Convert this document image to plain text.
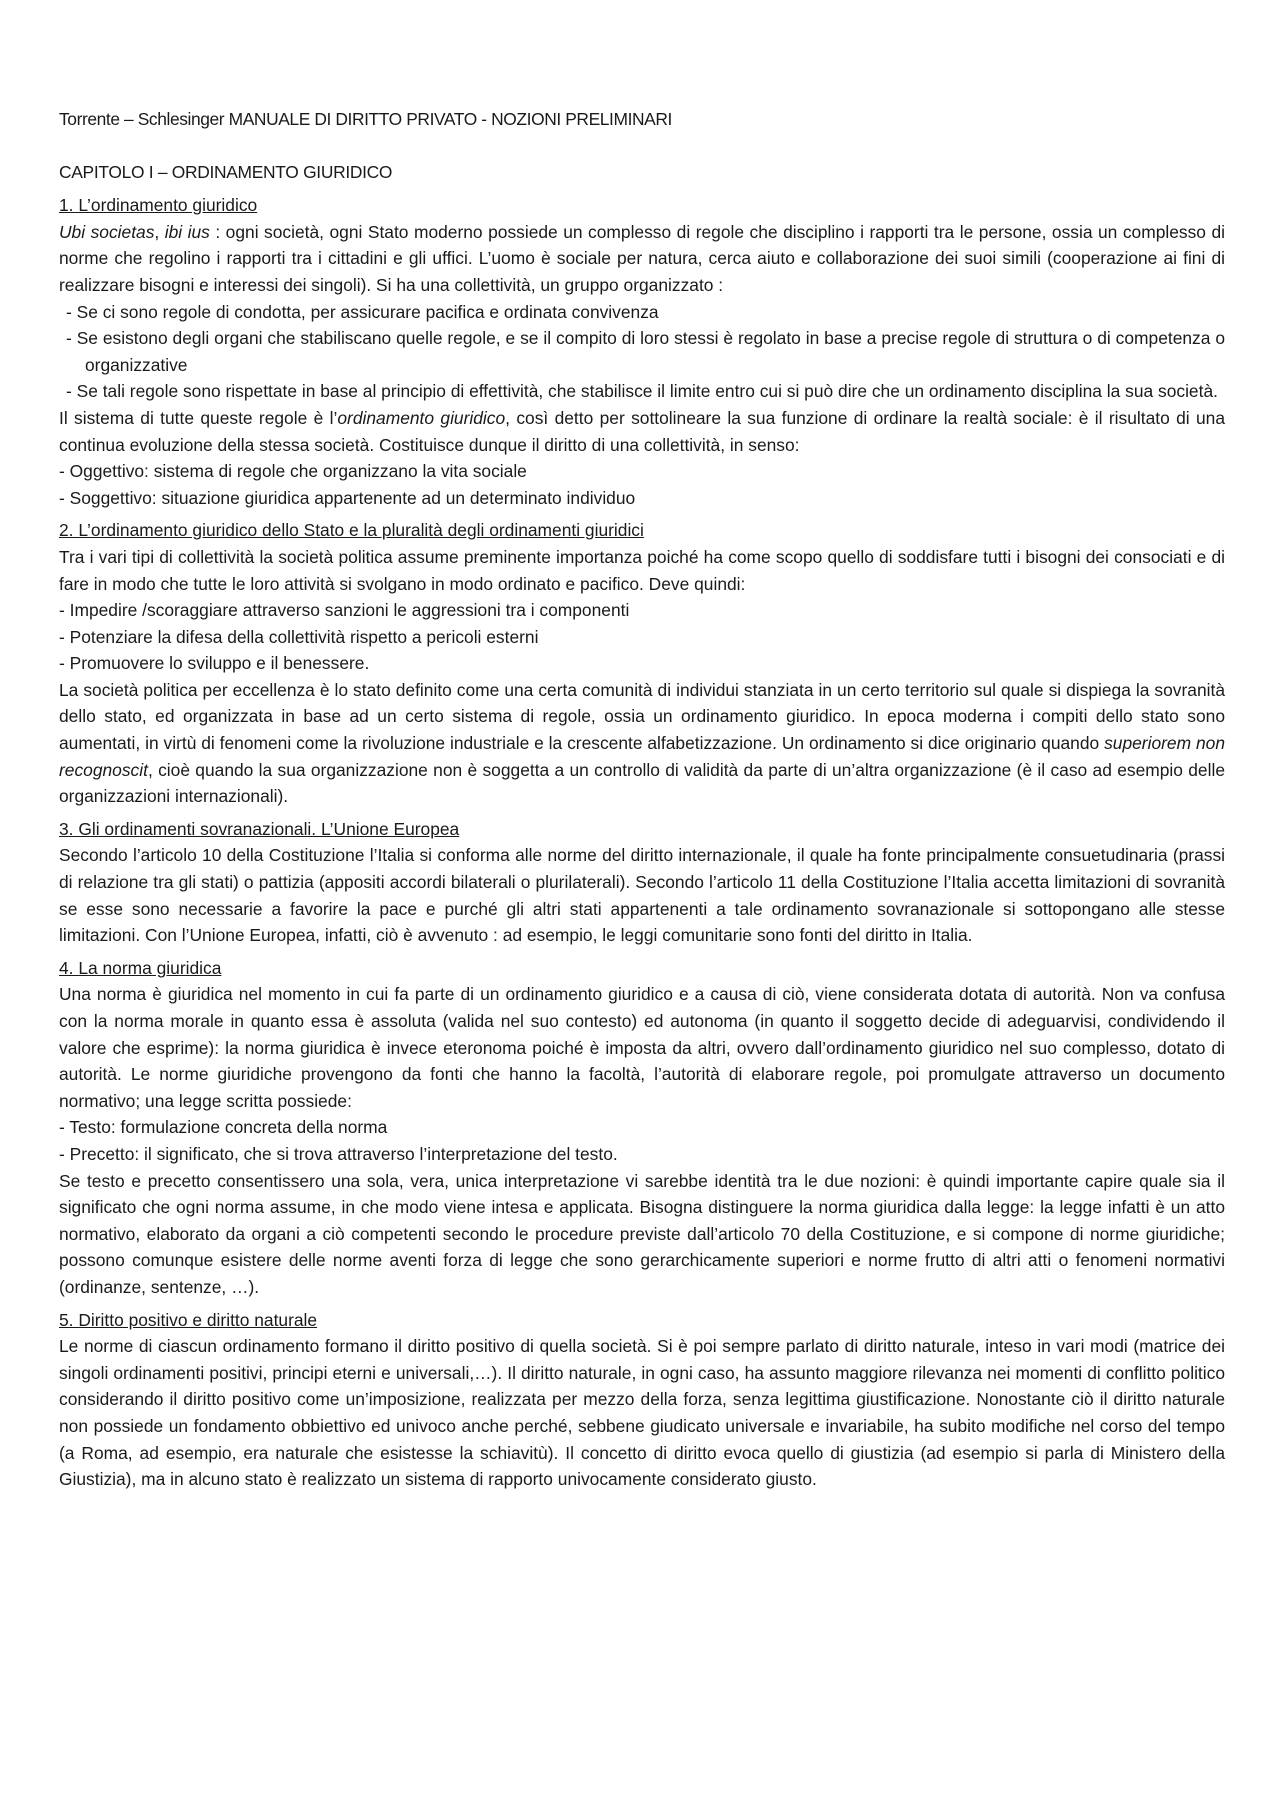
Torrente – Schlesinger MANUALE DI DIRITTO PRIVATO - NOZIONI PRELIMINARI
CAPITOLO I – ORDINAMENTO GIURIDICO
1. L’ordinamento giuridico

Ubi societas, ibi ius : ogni società, ogni Stato moderno possiede un complesso di regole che disciplino i rapporti tra le persone, ossia un complesso di norme che regolino i rapporti tra i cittadini e gli uffici. L’uomo è sociale per natura, cerca aiuto e collaborazione dei suoi simili (cooperazione ai fini di realizzare bisogni e interessi dei singoli). Si ha una collettività, un gruppo organizzato :

- Se ci sono regole di condotta, per assicurare pacifica e ordinata convivenza
- Se esistono degli organi che stabiliscano quelle regole, e se il compito di loro stessi è regolato in base a precise regole di struttura o di competenza o organizzative
- Se tali regole sono rispettate in base al principio di effettività, che stabilisce il limite entro cui si può dire che un ordinamento disciplina la sua società.

Il sistema di tutte queste regole è l’ordinamento giuridico, così detto per sottolineare la sua funzione di ordinare la realtà sociale: è il risultato di una continua evoluzione della stessa società. Costituisce dunque il diritto di una collettività, in senso:

- Oggettivo: sistema di regole che organizzano la vita sociale
- Soggettivo: situazione giuridica appartenente ad un determinato individuo
2. L’ordinamento giuridico dello Stato e la pluralità degli ordinamenti giuridici

Tra i vari tipi di collettività la società politica assume preminente importanza poiché ha come scopo quello di soddisfare tutti i bisogni dei consociati e di fare in modo che tutte le loro attività si svolgano in modo ordinato e pacifico. Deve quindi:

- Impedire /scoraggiare attraverso sanzioni le aggressioni tra i componenti
- Potenziare la difesa della collettività rispetto a pericoli esterni
- Promuovere lo sviluppo e il benessere.

La società politica per eccellenza è lo stato definito come una certa comunità di individui stanziata in un certo territorio sul quale si dispiega la sovranità dello stato, ed organizzata in base ad un certo sistema di regole, ossia un ordinamento giuridico. In epoca moderna i compiti dello stato sono aumentati, in virtù di fenomeni come la rivoluzione industriale e la crescente alfabetizzazione. Un ordinamento si dice originario quando superiorem non recognoscit, cioè quando la sua organizzazione non è soggetta a un controllo di validità da parte di un’altra organizzazione (è il caso ad esempio delle organizzazioni internazionali).

3. Gli ordinamenti sovranazionali. L’Unione Europea

Secondo l’articolo 10 della Costituzione l’Italia si conforma alle norme del diritto internazionale, il quale ha fonte principalmente consuetudinaria (prassi di relazione tra gli stati) o pattizia (appositi accordi bilaterali o plurilaterali). Secondo l’articolo 11 della Costituzione l’Italia accetta limitazioni di sovranità se esse sono necessarie a favorire la pace e purché gli altri stati appartenenti a tale ordinamento sovranazionale si sottopongano alle stesse limitazioni. Con l’Unione Europea, infatti, ciò è avvenuto : ad esempio, le leggi comunitarie sono fonti del diritto in Italia.

4. La norma giuridica

Una norma è giuridica nel momento in cui fa parte di un ordinamento giuridico e a causa di ciò, viene considerata dotata di autorità. Non va confusa con la norma morale in quanto essa è assoluta (valida nel suo contesto) ed autonoma (in quanto il soggetto decide di adeguarvisi, condividendo il valore che esprime): la norma giuridica è invece eteronoma poiché è imposta da altri, ovvero dall’ordinamento giuridico nel suo complesso, dotato di autorità. Le norme giuridiche provengono da fonti che hanno la facoltà, l’autorità di elaborare regole, poi promulgate attraverso un documento normativo; una legge scritta possiede:

- Testo: formulazione concreta della norma
- Precetto: il significato, che si trova attraverso l’interpretazione del testo.

Se testo e precetto consentissero una sola, vera, unica interpretazione vi sarebbe identità tra le due nozioni: è quindi importante capire quale sia il significato che ogni norma assume, in che modo viene intesa e applicata. Bisogna distinguere la norma giuridica dalla legge: la legge infatti è un atto normativo, elaborato da organi a ciò competenti secondo le procedure previste dall’articolo 70 della Costituzione, e si compone di norme giuridiche; possono comunque esistere delle norme aventi forza di legge che sono gerarchicamente superiori e norme frutto di altri atti o fenomeni normativi (ordinanze, sentenze, …).

5. Diritto positivo e diritto naturale

Le norme di ciascun ordinamento formano il diritto positivo di quella società. Si è poi sempre parlato di diritto naturale, inteso in vari modi (matrice dei singoli ordinamenti positivi, principi eterni e universali,…). Il diritto naturale, in ogni caso, ha assunto maggiore rilevanza nei momenti di conflitto politico considerando il diritto positivo come un’imposizione, realizzata per mezzo della forza, senza legittima giustificazione. Nonostante ciò il diritto naturale non possiede un fondamento obbiettivo ed univoco anche perché, sebbene giudicato universale e invariabile, ha subito modifiche nel corso del tempo (a Roma, ad esempio, era naturale che esistesse la schiavitù). Il concetto di diritto evoca quello di giustizia (ad esempio si parla di Ministero della Giustizia), ma in alcuno stato è realizzato un sistema di rapporto univocamente considerato giusto.
